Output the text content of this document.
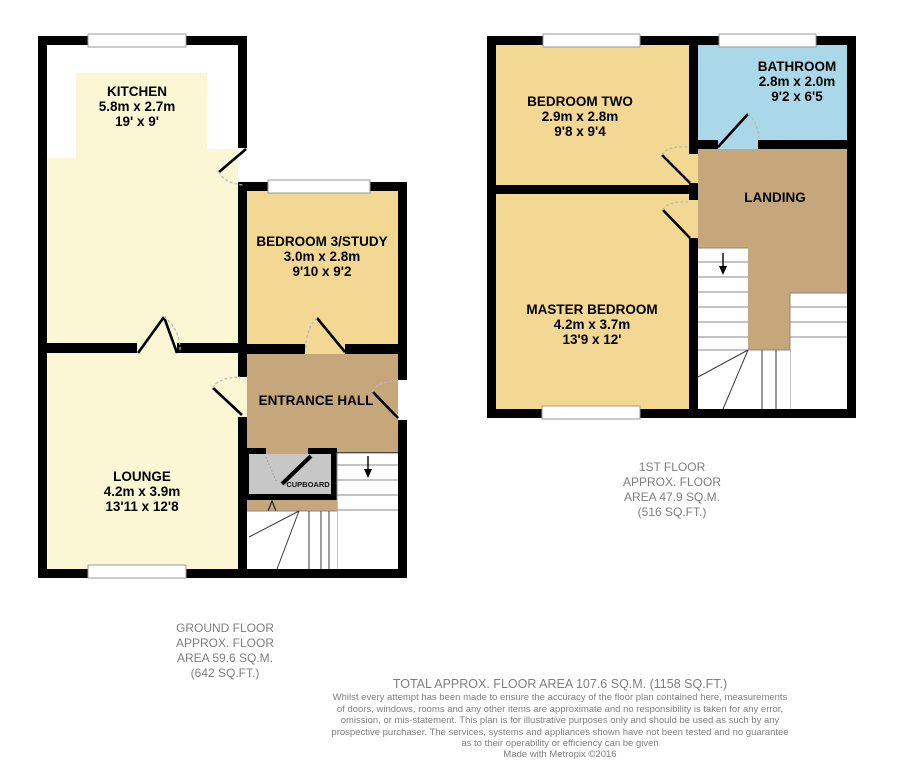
KITCHEN
5.8m x 2.7m
19' x 9'
BEDROOM 3/STUDY
3.0m x 2.8m
9'10 x 9'2
ENTRANCE HALL
LOUNGE
4.2m x 3.9m
13'11 x 12'8
CUPBOARD
GROUND FLOOR
APPROX. FLOOR
AREA 59.6 SQ.M.
(642 SQ.FT.)
BEDROOM TWO
2.9m x 2.8m
9'8 x 9'4
BATHROOM
2.8m x 2.0m
9'2 x 6'5
LANDING
MASTER BEDROOM
4.2m x 3.7m
13'9 x 12'
1ST FLOOR
APPROX. FLOOR
AREA 47.9 SQ.M.
(516 SQ.FT.)
TOTAL APPROX. FLOOR AREA 107.6 SQ.M. (1158 SQ.FT.)
Whilst every attempt has been made to ensure the accuracy of the floor plan contained here, measurements
of doors, windows, rooms and any other items are approximate and no responsibility is taken for any error,
omission, or mis-statement. This plan is for illustrative purposes only and should be used as such by any
prospective purchaser. The services, systems and appliances shown have not been tested and no guarantee
as to their operability or efficiency can be given
Made with Metropix ©2016
